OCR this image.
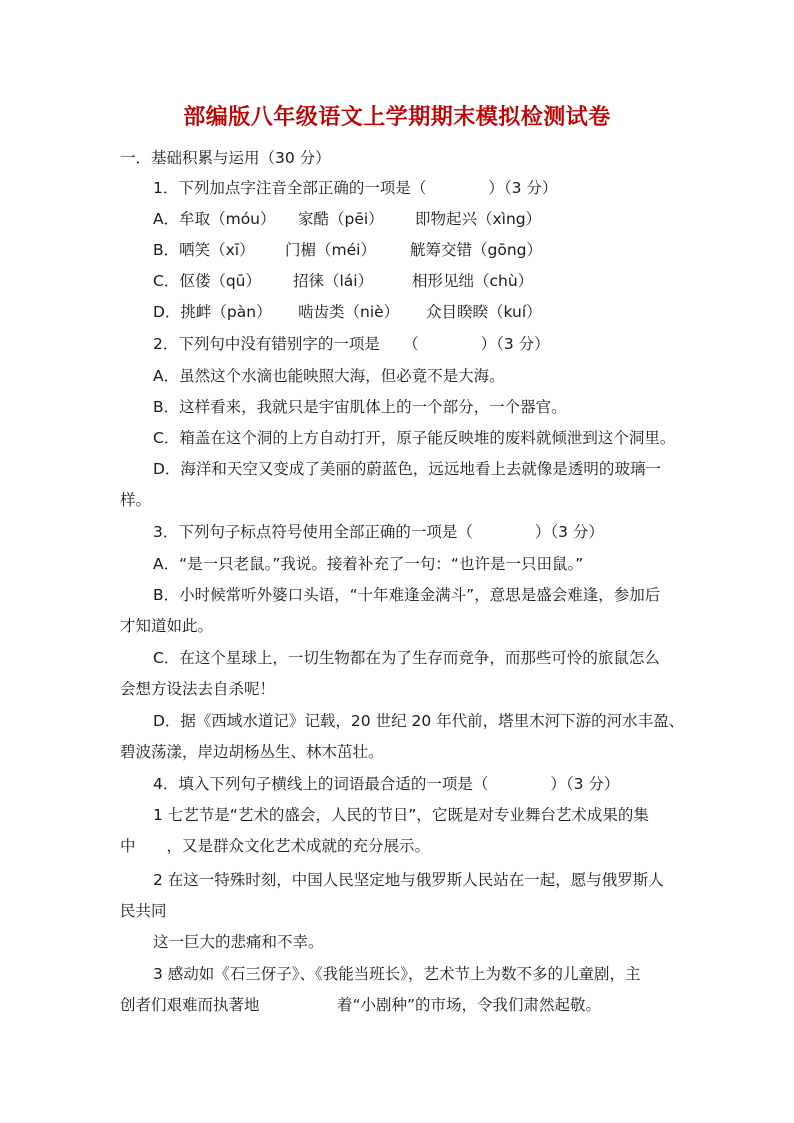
部编版八年级语文上学期期末模拟检测试卷
一．基础积累与运用（30 分）
1．下列加点字注音全部正确的一项是（　　　　）（3 分）
A．牟取（móu） 家酷（pēi） 即物起兴（xìng）
B．哂笑（xī） 门楣（méi） 觥筹交错（gōng）
C．伛偻（qū） 招徕（lái）	相形见绌（chù）
D．挑衅（pàn） 啮齿类（niè） 众目睽睽（kuí）
2．下列句中没有错别字的一项是　　（　　　　）（3 分）
A．虽然这个水滴也能映照大海，但必竟不是大海。
B．这样看来，我就只是宇宙肌体上的一个部分，一个器官。
C．箱盖在这个洞的上方自动打开，原子能反映堆的废料就倾泄到这个洞里。
D．海洋和天空又变成了美丽的蔚蓝色，远远地看上去就像是透明的玻璃一
样。
3．下列句子标点符号使用全部正确的一项是（　　　　）（3 分）
A．“是一只老鼠。”我说。接着补充了一句：“也许是一只田鼠。”
B．小时候常听外婆口头语，“十年难逢金满斗”，意思是盛会难逢，参加后
才知道如此。
C．在这个星球上，一切生物都在为了生存而竞争，而那些可怜的旅鼠怎么
会想方设法去自杀呢！
D．据《西域水道记》记载，20 世纪 20 年代前，塔里木河下游的河水丰盈、
碧波荡漾，岸边胡杨丛生、林木茁壮。
4．填入下列句子横线上的词语最合适的一项是（　　　　）（3 分）
1 七艺节是“艺术的盛会，人民的节日”，它既是对专业舞台艺术成果的集
中　　，又是群众文化艺术成就的充分展示。
2 在这一特殊时刻，中国人民坚定地与俄罗斯人民站在一起，愿与俄罗斯人
民共同
这一巨大的悲痛和不幸。
3 感动如《石三伢子》、《我能当班长》，艺术节上为数不多的儿童剧，主
创者们艰难而执著地　　　　　着“小剧种”的市场，令我们肃然起敬。
